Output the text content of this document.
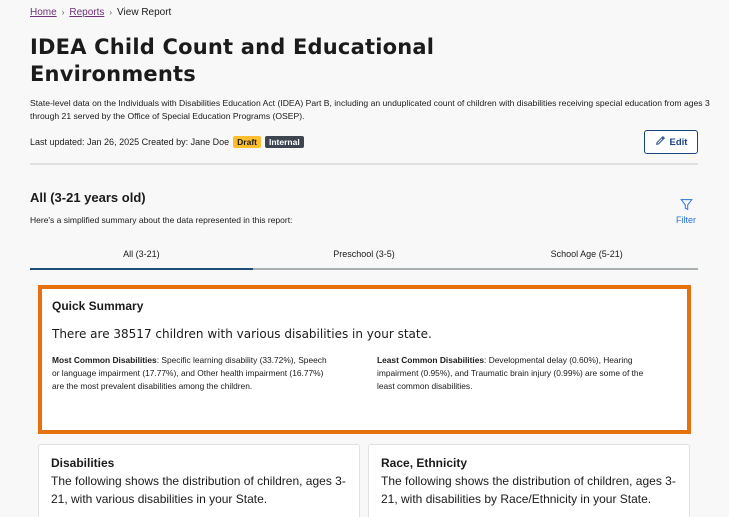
Home › Reports › View Report
IDEA Child Count and Educational Environments

State-level data on the Individuals with Disabilities Education Act (IDEA) Part B, including an unduplicated count of children with disabilities receiving special education from ages 3 through 21 served by the Office of Special Education Programs (OSEP).

Last updated: Jan 26, 2025 Created by: Jane Doe Draft	Internal	Edit
All (3-21 years old)

Here's a simplified summary about the data represented in this report:	Filter
All (3-21)	Preschool (3-5)	School Age (5-21)
Quick Summary

There are 38517 children with various disabilities in your state.

Most Common Disabilities: Specific learning disability (33.72%), Speech or language impairment (17.77%), and Other health impairment (16.77%) are the most prevalent disabilities among the children.

Least Common Disabilities: Developmental delay (0.60%), Hearing impairment (0.95%), and Traumatic brain injury (0.99%) are some of the least common disabilities.

Disabilities

The following shows the distribution of children, ages 3-21, with various disabilities in your State.

Race, Ethnicity

The following shows the distribution of children, ages 3-21, with disabilities by Race/Ethnicity in your State.
